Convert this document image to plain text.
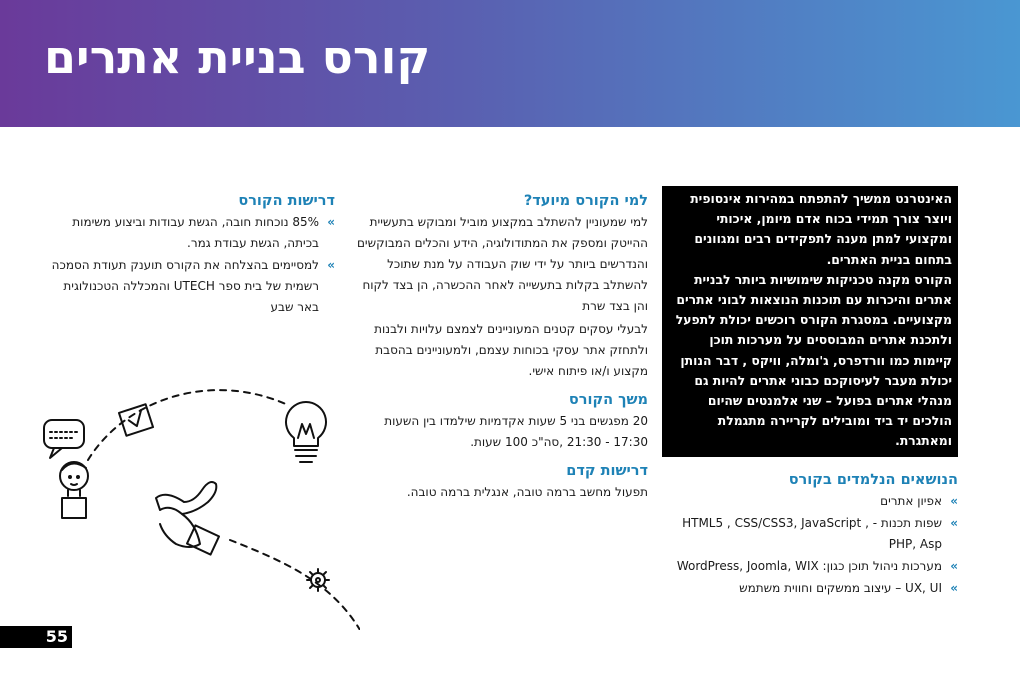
קורס בניית אתרים

האינטרנט ממשיך להתפתח במהירות אינסופית ויוצר צורך תמידי בכוח אדם מיומן, איכותי ומקצועי למתן מענה לתפקידים רבים ומגוונים בתחום בניית האתרים.

הקורס מקנה טכניקות שימושיות ביותר לבניית אתרים והיכרות עם תוכנות הנוצאות לבוני אתרים מקצועיים. במסגרת הקורס רוכשים יכולת לתפעל ולתכנת אתרים המבוססים על מערכות תוכן קיימות כמו וורדפרס, ג'ומלה, וויקס , דבר הנותן יכולת מעבר לעיסוקכם כבוני אתרים להיות גם מנהלי אתרים בפועל – שני אלמנטים שהיום הולכים יד ביד ומובילים לקריירה מתגמלת ומאתגרת.

הנושאים הנלמדים בקורס
»
אפיון אתרים
»
שפות תכנות - , HTML5 , CSS/CSS3, JavaScript PHP, Asp
»
מערכות ניהול תוכן כגון: WordPress, Joomla, WIX
»
UX, UI – עיצוב ממשקים וחווית משתמש
למי הקורס מיועד?

למי שמעוניין להשתלב במקצוע מוביל ומבוקש בתעשיית ההייטק ומספק את המתודולוגיה, הידע והכלים המבוקשים והנדרשים ביותר על ידי שוק העבודה על מנת שתוכל להשתלב בקלות בתעשייה לאחר ההכשרה, הן בצד לקוח והן בצד שרת

לבעלי עסקים קטנים המעוניינים לצמצם עלויות ולבנות ולתחזק אתר עסקי בכוחות עצמם, ולמעוניינים בהסבת מקצוע ו/או פיתוח אישי.

משך הקורס

20 מפגשים בני 5 שעות אקדמיות שילמדו בין השעות 17:30 - 21:30 ,סה"כ 100 שעות.

דרישות קדם

תפעול מחשב ברמה טובה, אנגלית ברמה טובה.

דרישות הקורס
»
85% נוכחות חובה, הגשת עבודות וביצוע משימות בכיתה, הגשת עבודת גמר.
»
למסיימים בהצלחה את הקורס תוענק תעודת הסמכה רשמית של בית ספר UTECH והמכללה הטכנולוגית באר שבע
55
